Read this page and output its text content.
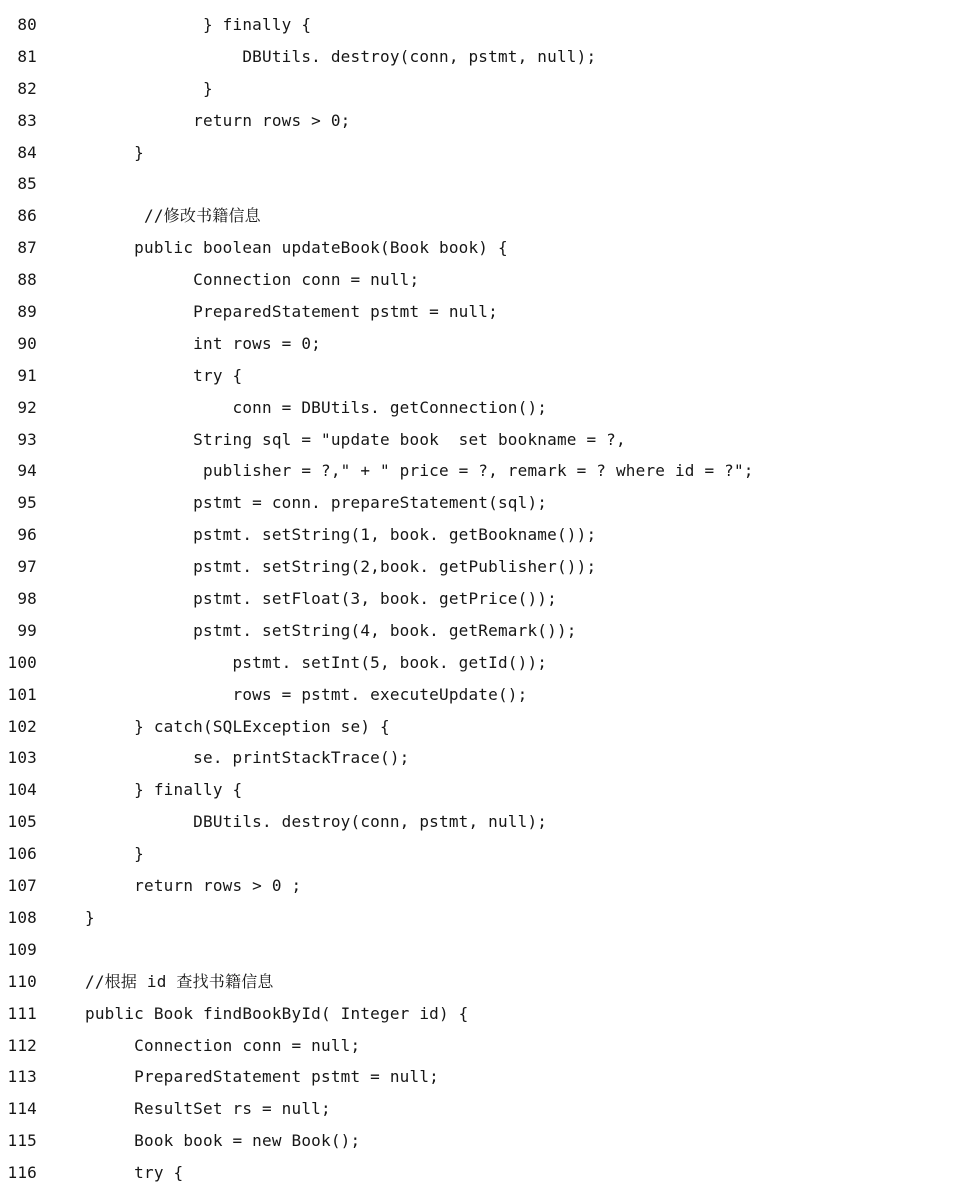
80	} finally {
81	DBUtils. destroy(conn, pstmt, null);
82	}
83	return rows > 0;
84	}
85
86	//修改书籍信息
87	public boolean updateBook(Book book) {
88	Connection conn = null;
89	PreparedStatement pstmt = null;
90	int rows = 0;
91	try {
92	conn = DBUtils. getConnection();
93	String sql = "update book  set bookname = ?,
94	publisher = ?," + " price = ?, remark = ? where id = ?";
95	pstmt = conn. prepareStatement(sql);
96	pstmt. setString(1, book. getBookname());
97	pstmt. setString(2,book. getPublisher());
98	pstmt. setFloat(3, book. getPrice());
99	pstmt. setString(4, book. getRemark());
100	pstmt. setInt(5, book. getId());
101	rows = pstmt. executeUpdate();
102	} catch(SQLException se) {
103	se. printStackTrace();
104	} finally {
105	DBUtils. destroy(conn, pstmt, null);
106	}
107	return rows > 0 ;
108	}
109
110	//根据 id 查找书籍信息
111	public Book findBookById( Integer id) {
112	Connection conn = null;
113	PreparedStatement pstmt = null;
114	ResultSet rs = null;
115	Book book = new Book();
116	try {
